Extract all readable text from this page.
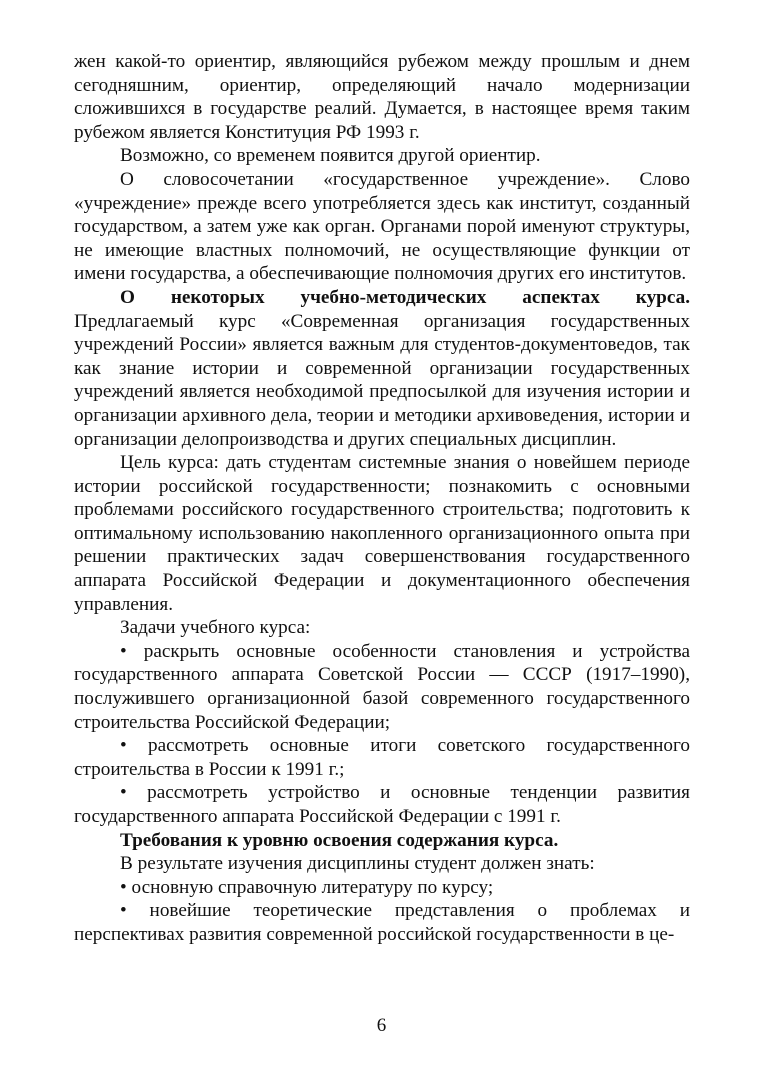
жен какой-то ориентир, являющийся рубежом между прошлым и днем сегодняшним, ориентир, определяющий начало модернизации сложившихся в государстве реалий. Думается, в настоящее время таким рубежом является Конституция РФ 1993 г.

Возможно, со временем появится другой ориентир.

О словосочетании «государственное учреждение». Слово «учреждение» прежде всего употребляется здесь как институт, созданный государством, а затем уже как орган. Органами порой именуют структуры, не имеющие властных полномочий, не осуществляющие функции от имени государства, а обеспечивающие полномочия других его институтов.

О некоторых учебно-методических аспектах курса. Предлагаемый курс «Современная организация государственных учреждений России» является важным для студентов-документоведов, так как знание истории и современной организации государственных учреждений является необходимой предпосылкой для изучения истории и организации архивного дела, теории и методики архивоведения, истории и организации делопроизводства и других специальных дисциплин.

Цель курса: дать студентам системные знания о новейшем периоде истории российской государственности; познакомить с основными проблемами российского государственного строительства; подготовить к оптимальному использованию накопленного организационного опыта при решении практических задач совершенствования государственного аппарата Российской Федерации и документационного обеспечения управления.

Задачи учебного курса:

• раскрыть основные особенности становления и устройства государственного аппарата Советской России — СССР (1917–1990), послужившего организационной базой современного государственного строительства Российской Федерации;

• рассмотреть основные итоги советского государственного строительства в России к 1991 г.;

• рассмотреть устройство и основные тенденции развития государственного аппарата Российской Федерации с 1991 г.

Требования к уровню освоения содержания курса.

В результате изучения дисциплины студент должен знать:

• основную справочную литературу по курсу;

• новейшие теоретические представления о проблемах и перспективах развития современной российской государственности в це-

6
